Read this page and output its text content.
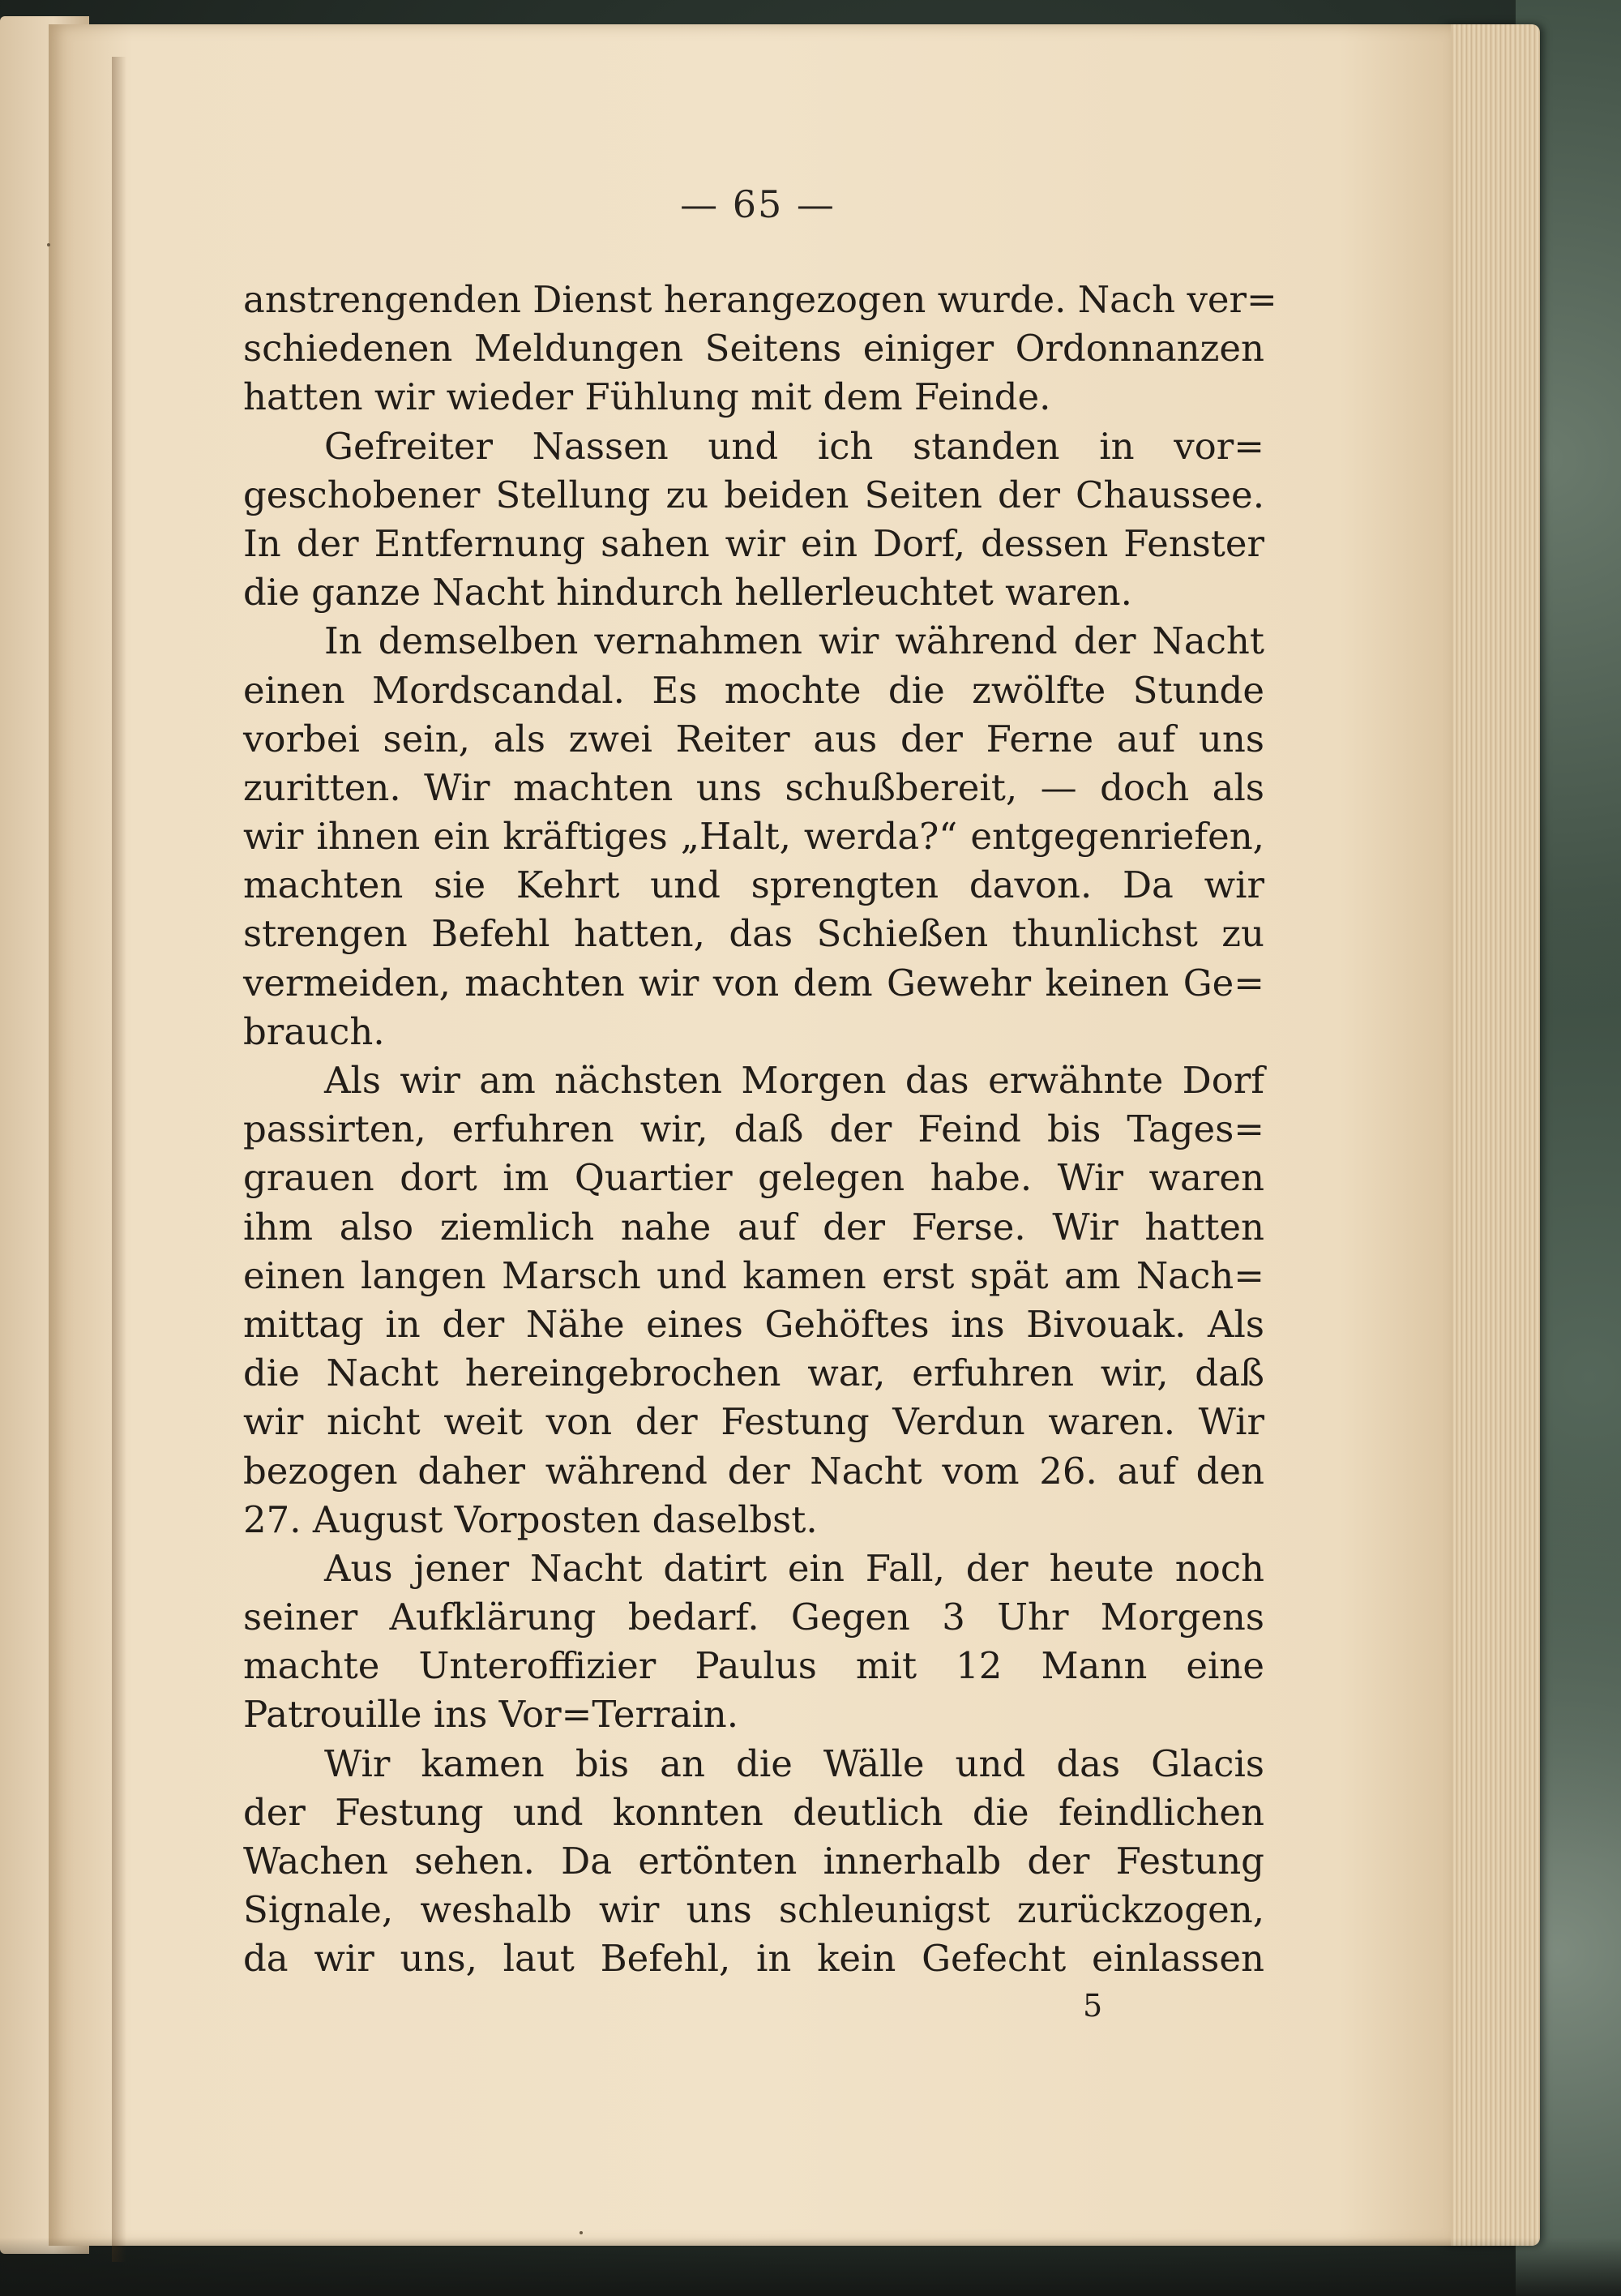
— 65 —
anstrengenden Dienst herangezogen wurde. Nach ver=
schiedenen Meldungen Seitens einiger Ordonnanzen
hatten wir wieder Fühlung mit dem Feinde.
Gefreiter Nassen und ich standen in vor=
geschobener Stellung zu beiden Seiten der Chaussee.
In der Entfernung sahen wir ein Dorf, dessen Fenster
die ganze Nacht hindurch hellerleuchtet waren.
In demselben vernahmen wir während der Nacht
einen Mordscandal. Es mochte die zwölfte Stunde
vorbei sein, als zwei Reiter aus der Ferne auf uns
zuritten. Wir machten uns schußbereit, — doch als
wir ihnen ein kräftiges „Halt, werda?“ entgegenriefen,
machten sie Kehrt und sprengten davon. Da wir
strengen Befehl hatten, das Schießen thunlichst zu
vermeiden, machten wir von dem Gewehr keinen Ge=
brauch.
Als wir am nächsten Morgen das erwähnte Dorf
passirten, erfuhren wir, daß der Feind bis Tages=
grauen dort im Quartier gelegen habe. Wir waren
ihm also ziemlich nahe auf der Ferse. Wir hatten
einen langen Marsch und kamen erst spät am Nach=
mittag in der Nähe eines Gehöftes ins Bivouak. Als
die Nacht hereingebrochen war, erfuhren wir, daß
wir nicht weit von der Festung Verdun waren. Wir
bezogen daher während der Nacht vom 26. auf den
27. August Vorposten daselbst.
Aus jener Nacht datirt ein Fall, der heute noch
seiner Aufklärung bedarf. Gegen 3 Uhr Morgens
machte Unteroffizier Paulus mit 12 Mann eine
Patrouille ins Vor=Terrain.
Wir kamen bis an die Wälle und das Glacis
der Festung und konnten deutlich die feindlichen
Wachen sehen. Da ertönten innerhalb der Festung
Signale, weshalb wir uns schleunigst zurückzogen,
da wir uns, laut Befehl, in kein Gefecht einlassen
5
